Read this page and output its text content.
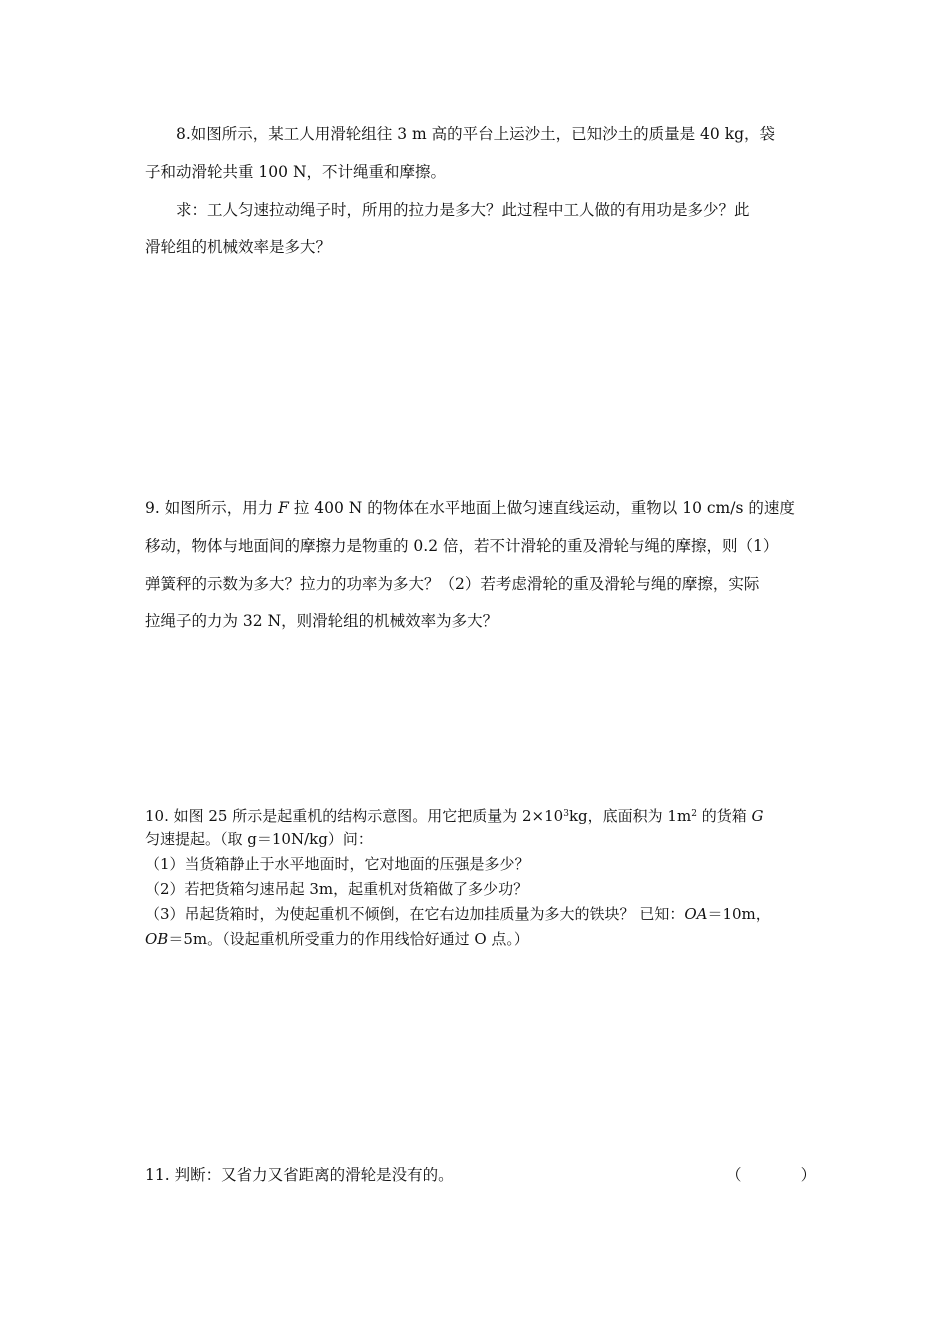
8.如图所示，某工人用滑轮组往 3 m 高的平台上运沙土，已知沙土的质量是 40 kg，袋
子和动滑轮共重 100 N，不计绳重和摩擦。
求：工人匀速拉动绳子时，所用的拉力是多大？此过程中工人做的有用功是多少？此
滑轮组的机械效率是多大？
9. 如图所示，用力 F 拉 400 N 的物体在水平地面上做匀速直线运动，重物以 10 cm/s 的速度
移动，物体与地面间的摩擦力是物重的 0.2 倍，若不计滑轮的重及滑轮与绳的摩擦，则（1）
弹簧秤的示数为多大？拉力的功率为多大？（2）若考虑滑轮的重及滑轮与绳的摩擦，实际
拉绳子的力为 32 N，则滑轮组的机械效率为多大？
10. 如图 25 所示是起重机的结构示意图。用它把质量为 $2\times 10^3kg$，底面积为 $1m^2$ 的货箱 G
匀速提起。（取 g＝10N/kg）问：
（1）当货箱静止于水平地面时，它对地面的压强是多少？
（2）若把货箱匀速吊起 3m，起重机对货箱做了多少功？
（3）吊起货箱时，为使起重机不倾倒，在它右边加挂质量为多大的铁块？ 已知：OA＝10m，
OB＝5m。（设起重机所受重力的作用线恰好通过 O 点。）
11. 判断：又省力又省距离的滑轮是没有的。	（            ）
